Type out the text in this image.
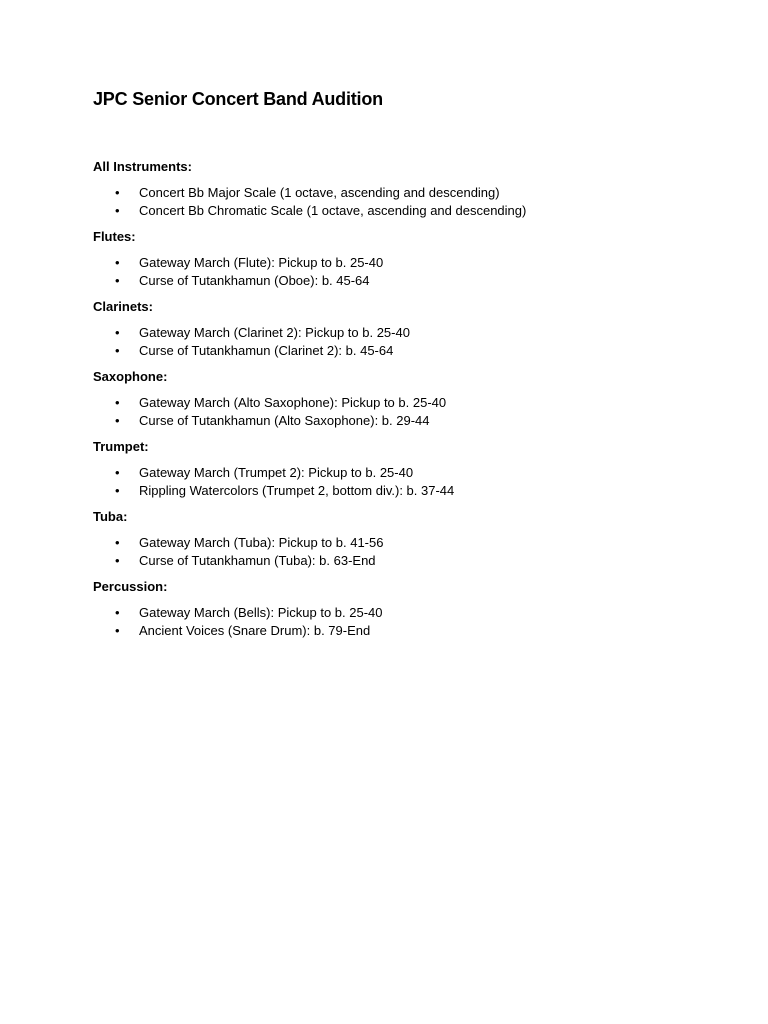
JPC Senior Concert Band Audition
All Instruments:
•	Concert Bb Major Scale (1 octave, ascending and descending)
•	Concert Bb Chromatic Scale (1 octave, ascending and descending)
Flutes:
•	Gateway March (Flute): Pickup to b. 25-40
•	Curse of Tutankhamun (Oboe): b. 45-64
Clarinets:
•	Gateway March (Clarinet 2): Pickup to b. 25-40
•	Curse of Tutankhamun (Clarinet 2): b. 45-64
Saxophone:
•	Gateway March (Alto Saxophone): Pickup to b. 25-40
•	Curse of Tutankhamun (Alto Saxophone): b. 29-44
Trumpet:
•	Gateway March (Trumpet 2): Pickup to b. 25-40
•	Rippling Watercolors (Trumpet 2, bottom div.): b. 37-44
Tuba:
•	Gateway March (Tuba): Pickup to b. 41-56
•	Curse of Tutankhamun (Tuba): b. 63-End
Percussion:
•	Gateway March (Bells): Pickup to b. 25-40
•	Ancient Voices (Snare Drum): b. 79-End
